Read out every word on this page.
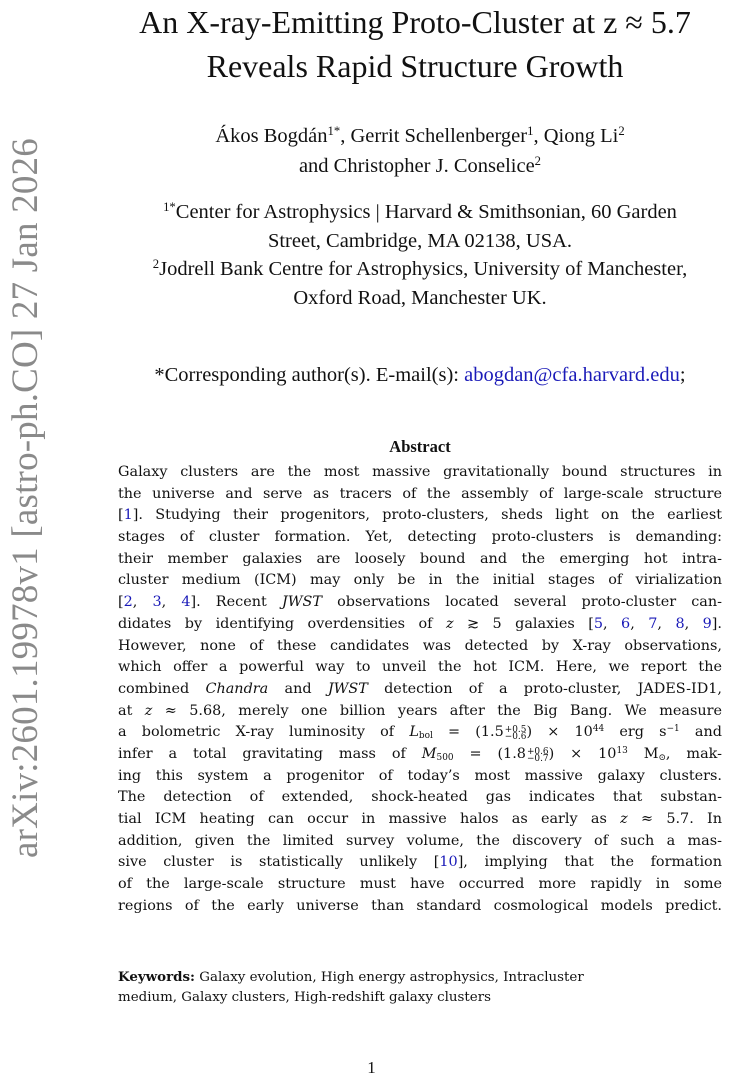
arXiv:2601.19978v1 [astro-ph.CO] 27 Jan 2026
An X-ray-Emitting Proto-Cluster at z ≈ 5.7
Reveals Rapid Structure Growth
Ákos Bogdán$^{1*}$, Gerrit Schellenberger$^1$, Qiong Li$^2$
and Christopher J. Conselice$^2$
$^{1*}$Center for Astrophysics | Harvard & Smithsonian, 60 Garden
Street, Cambridge, MA 02138, USA.
$^2$Jodrell Bank Centre for Astrophysics, University of Manchester,
Oxford Road, Manchester UK.
*Corresponding author(s). E-mail(s): abogdan@cfa.harvard.edu;
Abstract
Galaxy clusters are the most massive gravitationally bound structures in
the universe and serve as tracers of the assembly of large-scale structure
[1]. Studying their progenitors, proto-clusters, sheds light on the earliest
stages of cluster formation. Yet, detecting proto-clusters is demanding:
their member galaxies are loosely bound and the emerging hot intra-
cluster medium (ICM) may only be in the initial stages of virialization
[2, 3, 4]. Recent JWST observations located several proto-cluster can-
didates by identifying overdensities of z ≳ 5 galaxies [5, 6, 7, 8, 9].
However, none of these candidates was detected by X-ray observations,
which offer a powerful way to unveil the hot ICM. Here, we report the
combined Chandra and JWST detection of a proto-cluster, JADES-ID1,
at z ≈ 5.68, merely one billion years after the Big Bang. We measure
a bolometric X-ray luminosity of $L_{bol} = (1.5 +0.5$
−0.6 ) × $10^{44}$ erg $s^{-1}$ and
infer a total gravitating mass of $M_{500} = (1.8 +0.6$
−0.7 ) × $10^{13}$ $M_⊙$, mak-
ing this system a progenitor of today’s most massive galaxy clusters.
The detection of extended, shock-heated gas indicates that substan-
tial ICM heating can occur in massive halos as early as z ≈ 5.7. In
addition, given the limited survey volume, the discovery of such a mas-
sive cluster is statistically unlikely [10], implying that the formation
of the large-scale structure must have occurred more rapidly in some
regions of the early universe than standard cosmological models predict.
Keywords: Galaxy evolution, High energy astrophysics, Intracluster
medium, Galaxy clusters, High-redshift galaxy clusters
1
